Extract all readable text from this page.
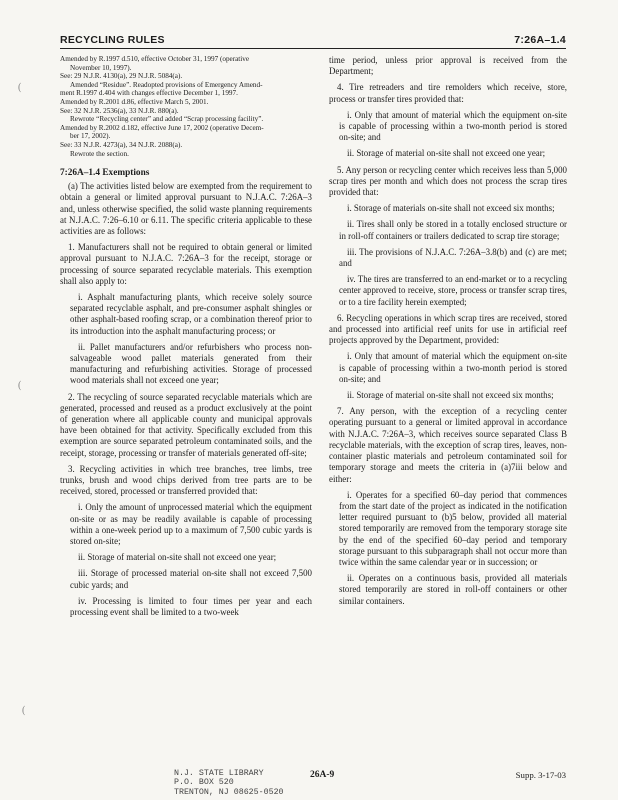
RECYCLING RULES	7:26A–1.4

Amended by R.1997 d.510, effective October 31, 1997 (operative

November 10, 1997).

See: 29 N.J.R. 4130(a), 29 N.J.R. 5084(a).

Amended “Residue”. Readopted provisions of Emergency Amend-

ment R.1997 d.404 with changes effective December 1, 1997.

Amended by R.2001 d.86, effective March 5, 2001.

See: 32 N.J.R. 2536(a), 33 N.J.R. 880(a).

Rewrote “Recycling center” and added “Scrap processing facility”.

Amended by R.2002 d.182, effective June 17, 2002 (operative Decem-

ber 17, 2002).

See: 33 N.J.R. 4273(a), 34 N.J.R. 2088(a).

Rewrote the section.

7:26A–1.4 Exemptions

(a) The activities listed below are exempted from the requirement to obtain a general or limited approval pursuant to N.J.A.C. 7:26A–3 and, unless otherwise specified, the solid waste planning requirements at N.J.A.C. 7:26–6.10 or 6.11. The specific criteria applicable to these activities are as follows:

1. Manufacturers shall not be required to obtain general or limited approval pursuant to N.J.A.C. 7:26A–3 for the receipt, storage or processing of source separated recyclable materials. This exemption shall also apply to:

i. Asphalt manufacturing plants, which receive solely source separated recyclable asphalt, and pre-consumer asphalt shingles or other asphalt-based roofing scrap, or a combination thereof prior to its introduction into the asphalt manufacturing process; or

ii. Pallet manufacturers and/or refurbishers who process non-salvageable wood pallet materials generated from their manufacturing and refurbishing activities. Storage of processed wood materials shall not exceed one year;

2. The recycling of source separated recyclable materials which are generated, processed and reused as a product exclusively at the point of generation where all applicable county and municipal approvals have been obtained for that activity. Specifically excluded from this exemption are source separated petroleum contaminated soils, and the receipt, storage, processing or transfer of materials generated off-site;

3. Recycling activities in which tree branches, tree limbs, tree trunks, brush and wood chips derived from tree parts are to be received, stored, processed or transferred provided that:

i. Only the amount of unprocessed material which the equipment on-site or as may be readily available is capable of processing within a one-week period up to a maximum of 7,500 cubic yards is stored on-site;

ii. Storage of material on-site shall not exceed one year;

iii. Storage of processed material on-site shall not exceed 7,500 cubic yards; and

iv. Processing is limited to four times per year and each processing event shall be limited to a two-week

time period, unless prior approval is received from the Department;

4. Tire retreaders and tire remolders which receive, store, process or transfer tires provided that:

i. Only that amount of material which the equipment on-site is capable of processing within a two-month period is stored on-site; and

ii. Storage of material on-site shall not exceed one year;

5. Any person or recycling center which receives less than 5,000 scrap tires per month and which does not process the scrap tires provided that:

i. Storage of materials on-site shall not exceed six months;

ii. Tires shall only be stored in a totally enclosed structure or in roll-off containers or trailers dedicated to scrap tire storage;

iii. The provisions of N.J.A.C. 7:26A–3.8(b) and (c) are met; and

iv. The tires are transferred to an end-market or to a recycling center approved to receive, store, process or transfer scrap tires, or to a tire facility herein exempted;

6. Recycling operations in which scrap tires are received, stored and processed into artificial reef units for use in artificial reef projects approved by the Department, provided:

i. Only that amount of material which the equipment on-site is capable of processing within a two-month period is stored on-site; and

ii. Storage of material on-site shall not exceed six months;

7. Any person, with the exception of a recycling center operating pursuant to a general or limited approval in accordance with N.J.A.C. 7:26A–3, which receives source separated Class B recyclable materials, with the exception of scrap tires, leaves, non-container plastic materials and petroleum contaminated soil for temporary storage and meets the criteria in (a)7iii below and either:

i. Operates for a specified 60–day period that commences from the start date of the project as indicated in the notification letter required pursuant to (b)5 below, provided all material stored temporarily are removed from the temporary storage site by the end of the specified 60–day period and temporary storage pursuant to this subparagraph shall not occur more than twice within the same calendar year or in succession; or

ii. Operates on a continuous basis, provided all materials stored temporarily are stored in roll-off containers or other similar containers.

N.J. STATE LIBRARY
P.O. BOX 520
TRENTON, NJ 08625-0520
26A-9	Supp. 3-17-03
(
(
(
